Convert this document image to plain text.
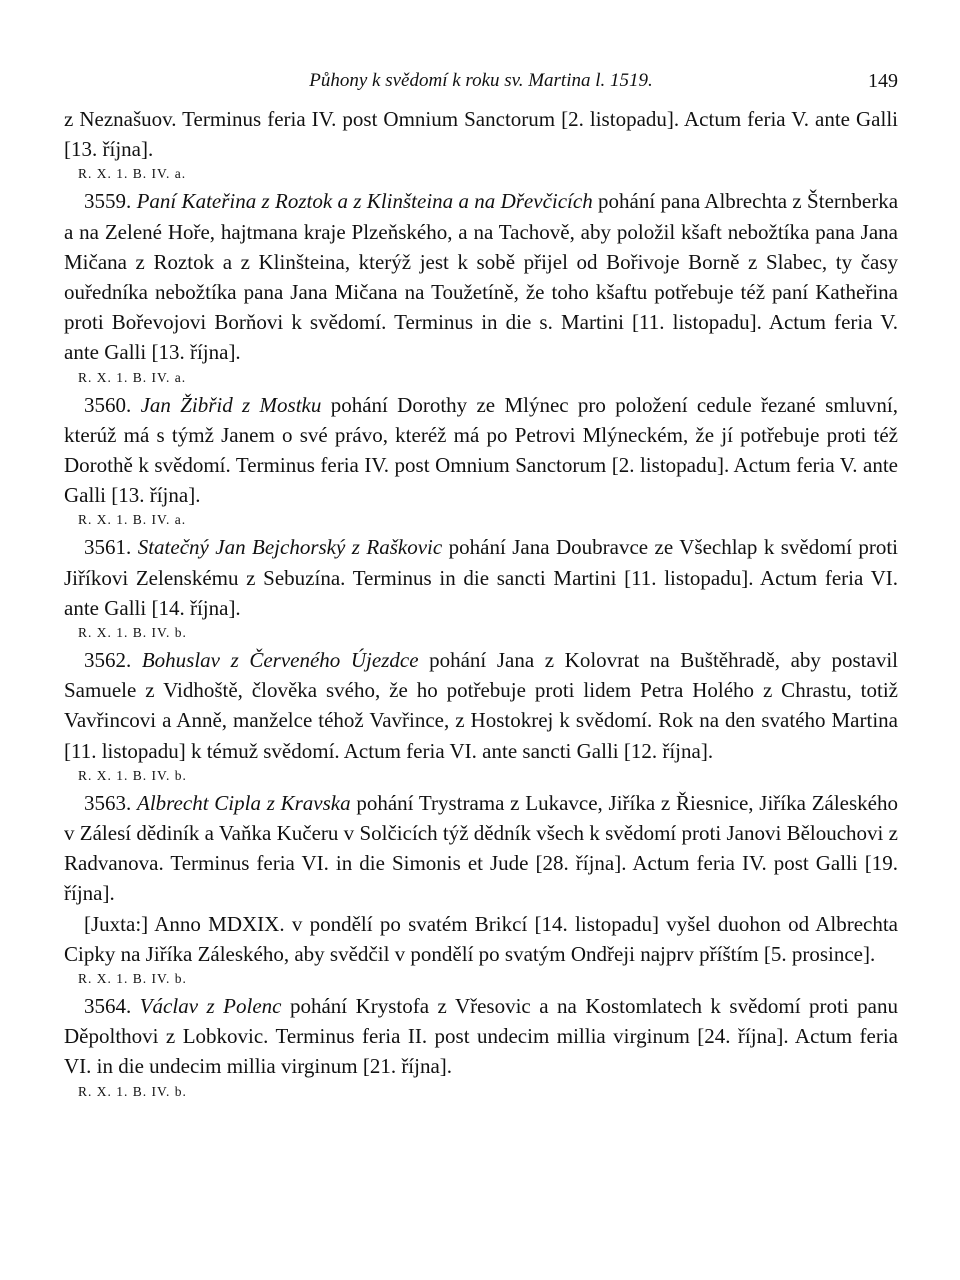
Půhony k svědomí k roku sv. Martina l. 1519.	149

z Neznašuov. Terminus feria IV. post Omnium Sanctorum [2. listopadu]. Actum feria V. ante Galli [13. října].

R. X. 1. B. IV. a.

3559. Paní Kateřina z Roztok a z Klinšteina a na Dřevčicích pohání pana Albrechta z Šternberka a na Zelené Hoře, hajtmana kraje Plzeňského, a na Tachově, aby položil kšaft nebožtíka pana Jana Mičana z Roztok a z Klinšteina, kterýž jest k sobě přijel od Bořivoje Borně z Slabec, ty časy ouředníka nebožtíka pana Jana Mičana na Toužetíně, že toho kšaftu potřebuje též paní Katheřina proti Bořevojovi Borňovi k svědomí. Terminus in die s. Martini [11. listopadu]. Actum feria V. ante Galli [13. října].

R. X. 1. B. IV. a.

3560. Jan Žibřid z Mostku pohání Dorothy ze Mlýnec pro položení cedule řezané smluvní, kterúž má s týmž Janem o své právo, kteréž má po Petrovi Mlýneckém, že jí potřebuje proti též Dorothě k svědomí. Terminus feria IV. post Omnium Sanctorum [2. listopadu]. Actum feria V. ante Galli [13. října].

R. X. 1. B. IV. a.

3561. Statečný Jan Bejchorský z Raškovic pohání Jana Doubravce ze Všechlap k svědomí proti Jiříkovi Zelenskému z Sebuzína. Terminus in die sancti Martini [11. listopadu]. Actum feria VI. ante Galli [14. října].

R. X. 1. B. IV. b.

3562. Bohuslav z Červeného Újezdce pohání Jana z Kolovrat na Buštěhradě, aby postavil Samuele z Vidhoště, člověka svého, že ho potřebuje proti lidem Petra Holého z Chrastu, totiž Vavřincovi a Anně, manželce téhož Vavřince, z Hostokrej k svědomí. Rok na den svatého Martina [11. listopadu] k témuž svědomí. Actum feria VI. ante sancti Galli [12. října].

R. X. 1. B. IV. b.

3563. Albrecht Cipla z Kravska pohání Trystrama z Lukavce, Jiříka z Řiesnice, Jiříka Záleského v Zálesí dědiník a Vaňka Kučeru v Solčicích týž dědník všech k svědomí proti Janovi Bělouchovi z Radvanova. Terminus feria VI. in die Simonis et Jude [28. října]. Actum feria IV. post Galli [19. října].

[Juxta:] Anno MDXIX. v pondělí po svatém Brikcí [14. listopadu] vyšel duohon od Albrechta Cipky na Jiříka Záleského, aby svědčil v pondělí po svatým Ondřeji najprv příštím [5. prosince].

R. X. 1. B. IV. b.

3564. Václav z Polenc pohání Krystofa z Vřesovic a na Kostomlatech k svědomí proti panu Děpolthovi z Lobkovic. Terminus feria II. post undecim millia virginum [24. října]. Actum feria VI. in die undecim millia virginum [21. října].

R. X. 1. B. IV. b.
